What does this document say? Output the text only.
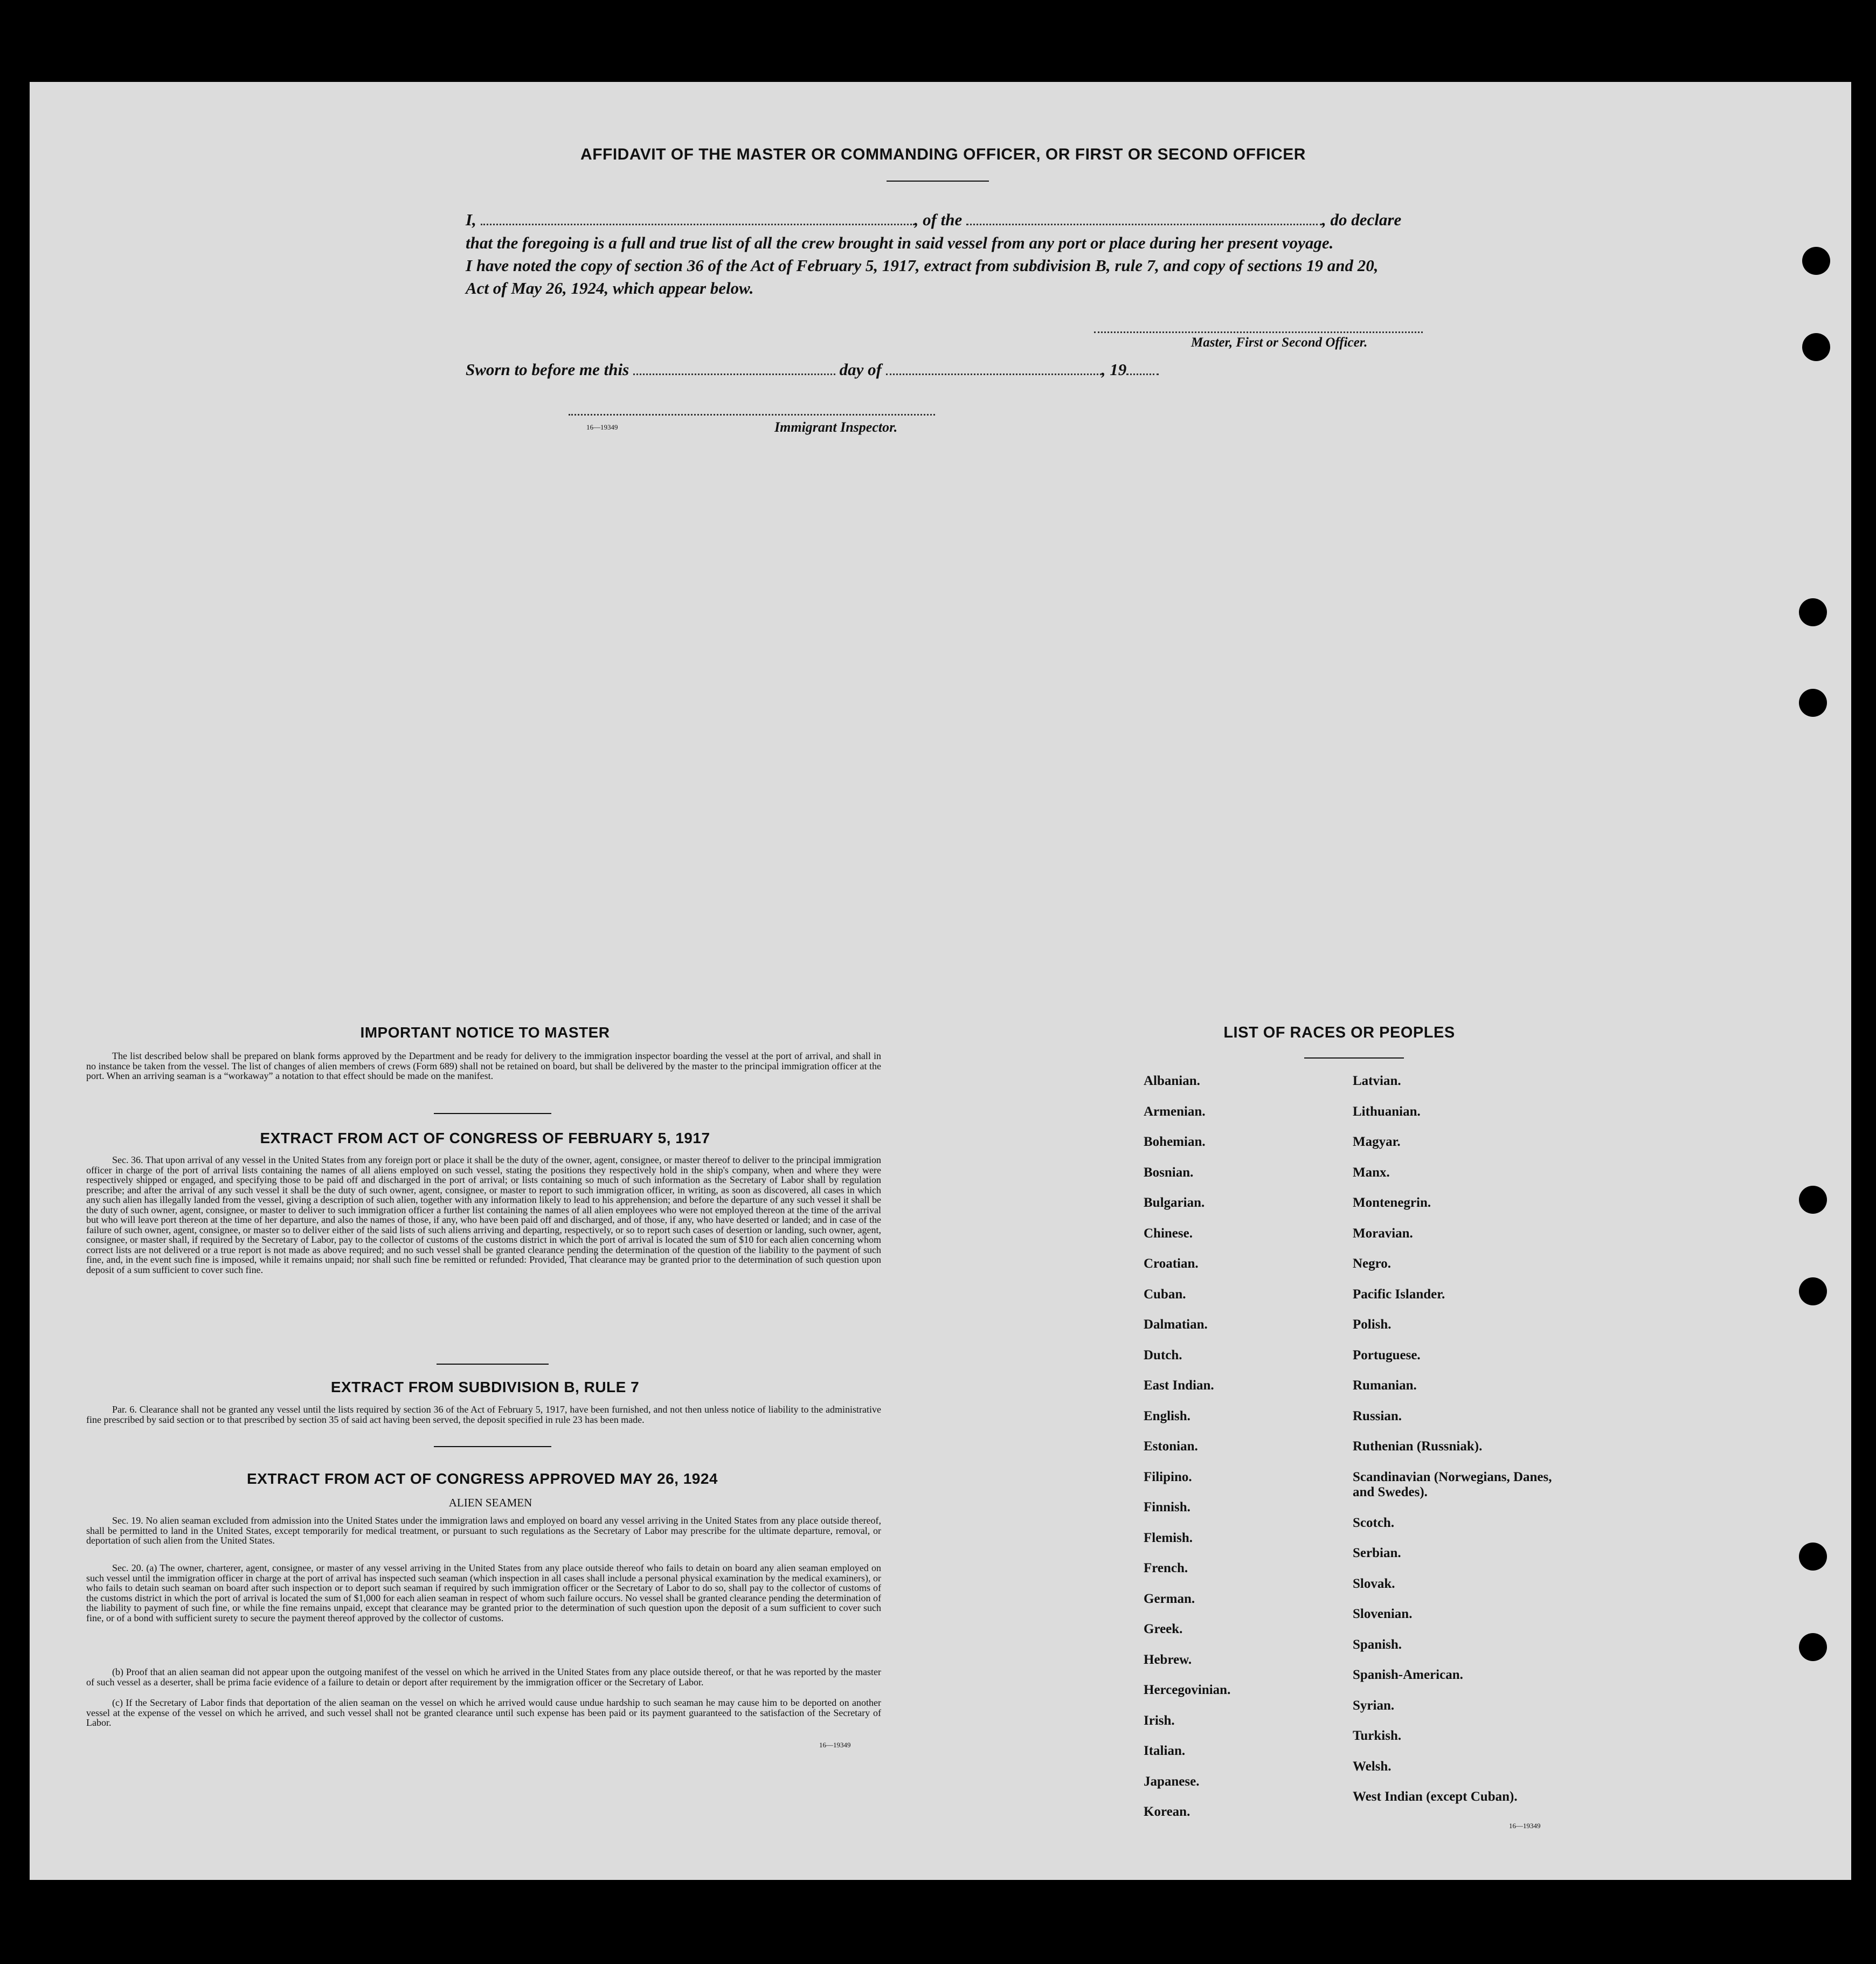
AFFIDAVIT OF THE MASTER OR COMMANDING OFFICER, OR FIRST OR SECOND OFFICER
I,	, of the	, do declare
that the foregoing is a full and true list of all the crew brought in said vessel from any port or place during her present voyage.
I have noted the copy of section 36 of the Act of February 5, 1917, extract from subdivision B, rule 7, and copy of sections 19 and 20,
Act of May 26, 1924, which appear below.
Master, First or Second Officer.
Sworn to before me this	day of	, 19
16—19349	Immigrant Inspector.
IMPORTANT NOTICE TO MASTER

The list described below shall be prepared on blank forms approved by the Department and be ready for delivery to the immigration inspector boarding the vessel at the port of arrival, and shall in no instance be taken from the vessel. The list of changes of alien members of crews (Form 689) shall not be retained on board, but shall be delivered by the master to the principal immigration officer at the port. When an arriving seaman is a “workaway” a notation to that effect should be made on the manifest.

EXTRACT FROM ACT OF CONGRESS OF FEBRUARY 5, 1917

Sec. 36. That upon arrival of any vessel in the United States from any foreign port or place it shall be the duty of the owner, agent, consignee, or master thereof to deliver to the principal immigration officer in charge of the port of arrival lists containing the names of all aliens employed on such vessel, stating the positions they respectively hold in the ship's company, when and where they were respectively shipped or engaged, and specifying those to be paid off and discharged in the port of arrival; or lists containing so much of such information as the Secretary of Labor shall by regulation prescribe; and after the arrival of any such vessel it shall be the duty of such owner, agent, consignee, or master to report to such immigration officer, in writing, as soon as discovered, all cases in which any such alien has illegally landed from the vessel, giving a description of such alien, together with any information likely to lead to his apprehension; and before the departure of any such vessel it shall be the duty of such owner, agent, consignee, or master to deliver to such immigration officer a further list containing the names of all alien employees who were not employed thereon at the time of the arrival but who will leave port thereon at the time of her departure, and also the names of those, if any, who have been paid off and discharged, and of those, if any, who have deserted or landed; and in case of the failure of such owner, agent, consignee, or master so to deliver either of the said lists of such aliens arriving and departing, respectively, or so to report such cases of desertion or landing, such owner, agent, consignee, or master shall, if required by the Secretary of Labor, pay to the collector of customs of the customs district in which the port of arrival is located the sum of $10 for each alien concerning whom correct lists are not delivered or a true report is not made as above required; and no such vessel shall be granted clearance pending the determination of the question of the liability to the payment of such fine, and, in the event such fine is imposed, while it remains unpaid; nor shall such fine be remitted or refunded: Provided, That clearance may be granted prior to the determination of such question upon deposit of a sum sufficient to cover such fine.

EXTRACT FROM SUBDIVISION B, RULE 7

Par. 6. Clearance shall not be granted any vessel until the lists required by section 36 of the Act of February 5, 1917, have been furnished, and not then unless notice of liability to the administrative fine prescribed by said section or to that prescribed by section 35 of said act having been served, the deposit specified in rule 23 has been made.

EXTRACT FROM ACT OF CONGRESS APPROVED MAY 26, 1924
ALIEN SEAMEN

Sec. 19. No alien seaman excluded from admission into the United States under the immigration laws and employed on board any vessel arriving in the United States from any place outside thereof, shall be permitted to land in the United States, except temporarily for medical treatment, or pursuant to such regulations as the Secretary of Labor may prescribe for the ultimate departure, removal, or deportation of such alien from the United States.

Sec. 20. (a) The owner, charterer, agent, consignee, or master of any vessel arriving in the United States from any place outside thereof who fails to detain on board any alien seaman employed on such vessel until the immigration officer in charge at the port of arrival has inspected such seaman (which inspection in all cases shall include a personal physical examination by the medical examiners), or who fails to detain such seaman on board after such inspection or to deport such seaman if required by such immigration officer or the Secretary of Labor to do so, shall pay to the collector of customs of the customs district in which the port of arrival is located the sum of $1,000 for each alien seaman in respect of whom such failure occurs. No vessel shall be granted clearance pending the determination of the liability to payment of such fine, or while the fine remains unpaid, except that clearance may be granted prior to the determination of such question upon the deposit of a sum sufficient to cover such fine, or of a bond with sufficient surety to secure the payment thereof approved by the collector of customs.

(b) Proof that an alien seaman did not appear upon the outgoing manifest of the vessel on which he arrived in the United States from any place outside thereof, or that he was reported by the master of such vessel as a deserter, shall be prima facie evidence of a failure to detain or deport after requirement by the immigration officer or the Secretary of Labor.

(c) If the Secretary of Labor finds that deportation of the alien seaman on the vessel on which he arrived would cause undue hardship to such seaman he may cause him to be deported on another vessel at the expense of the vessel on which he arrived, and such vessel shall not be granted clearance until such expense has been paid or its payment guaranteed to the satisfaction of the Secretary of Labor.

16—19349
LIST OF RACES OR PEOPLES
Albanian.
Armenian.
Bohemian.
Bosnian.
Bulgarian.
Chinese.
Croatian.
Cuban.
Dalmatian.
Dutch.
East Indian.
English.
Estonian.
Filipino.
Finnish.
Flemish.
French.
German.
Greek.
Hebrew.
Hercegovinian.
Irish.
Italian.
Japanese.
Korean.
Latvian.
Lithuanian.
Magyar.
Manx.
Montenegrin.
Moravian.
Negro.
Pacific Islander.
Polish.
Portuguese.
Rumanian.
Russian.
Ruthenian (Russniak).
Scandinavian (Norwegians, Danes, and Swedes).
Scotch.
Serbian.
Slovak.
Slovenian.
Spanish.
Spanish-American.
Syrian.
Turkish.
Welsh.
West Indian (except Cuban).
16—19349
